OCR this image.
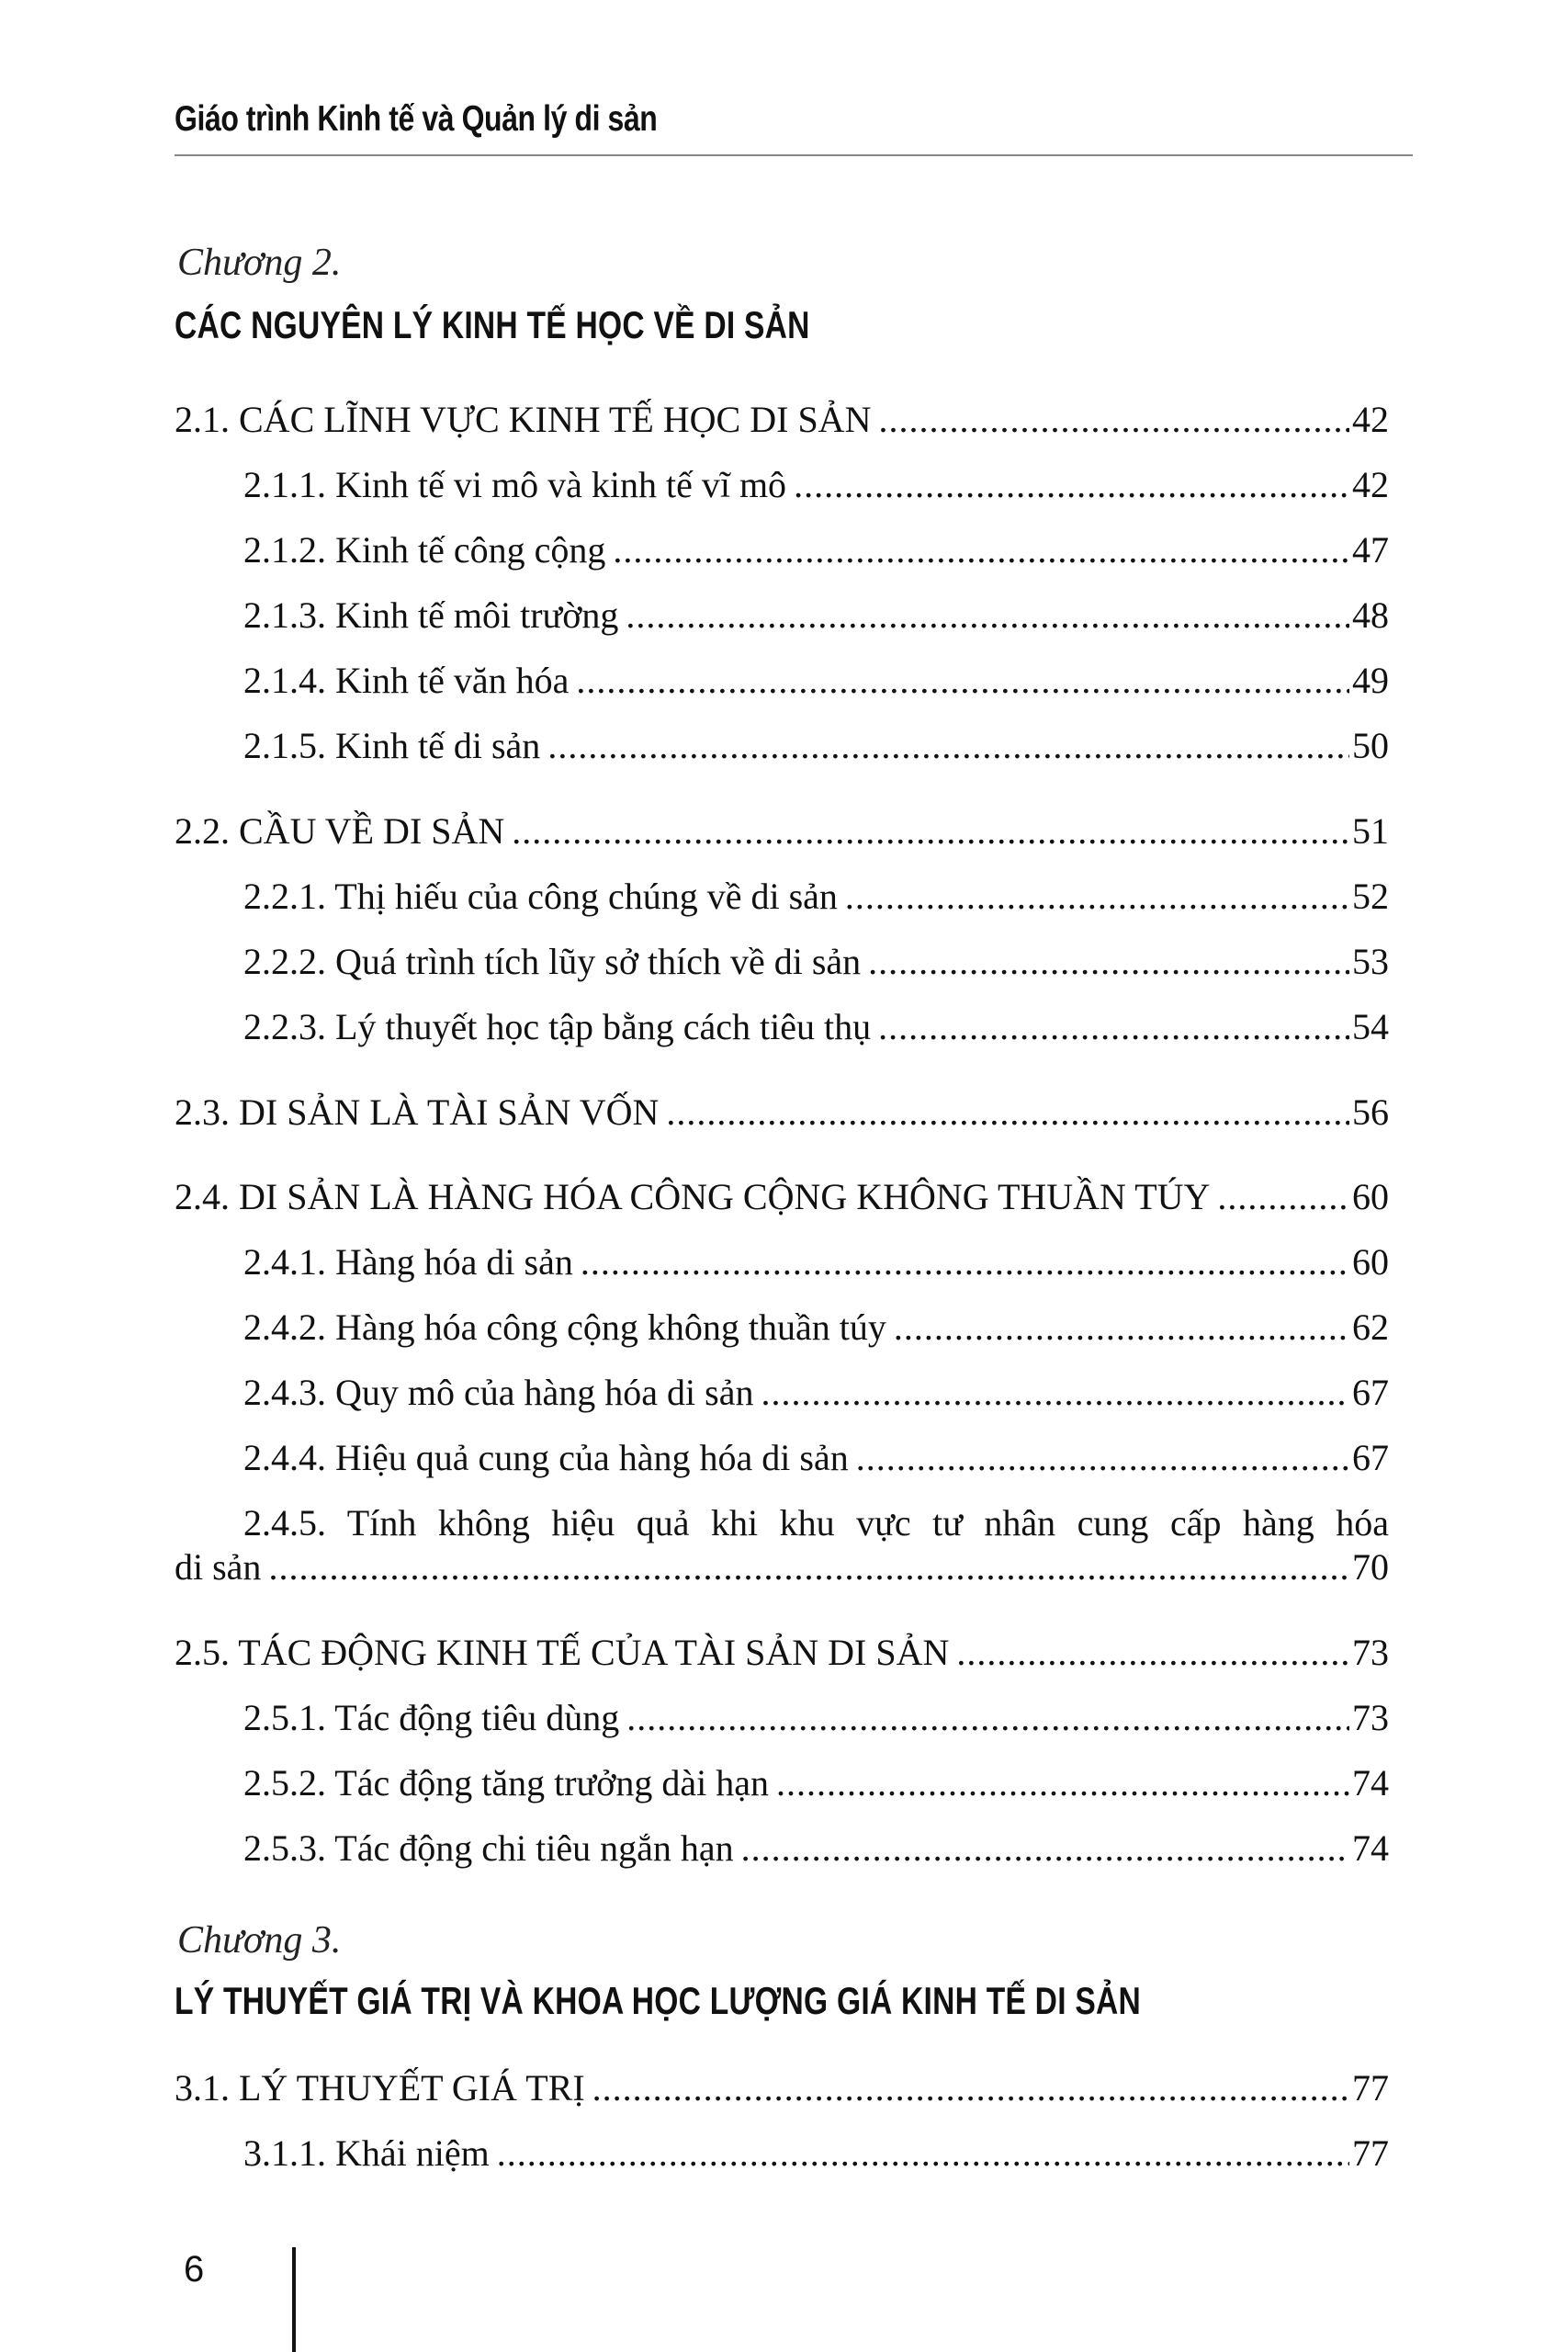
Giáo trình Kinh tế và Quản lý di sản
Chương 2.
CÁC NGUYÊN LÝ KINH TẾ HỌC VỀ DI SẢN
2.1. CÁC LĨNH VỰC KINH TẾ HỌC DI SẢN .....	42
2.1.1. Kinh tế vi mô và kinh tế vĩ mô .....	42
2.1.2. Kinh tế công cộng .....	47
2.1.3. Kinh tế môi trường .....	48
2.1.4. Kinh tế văn hóa .....	49
2.1.5. Kinh tế di sản .....	50
2.2. CẦU VỀ DI SẢN .....	51
2.2.1. Thị hiếu của công chúng về di sản .....	52
2.2.2. Quá trình tích lũy sở thích về di sản .....	53
2.2.3. Lý thuyết học tập bằng cách tiêu thụ .....	54
2.3. DI SẢN LÀ TÀI SẢN VỐN .....	56
2.4. DI SẢN LÀ HÀNG HÓA CÔNG CỘNG KHÔNG THUẦN TÚY .....	60
2.4.1. Hàng hóa di sản .....	60
2.4.2. Hàng hóa công cộng không thuần túy .....	62
2.4.3. Quy mô của hàng hóa di sản .....	67
2.4.4. Hiệu quả cung của hàng hóa di sản .....	67
2.4.5. Tính không hiệu quả khi khu vực tư nhân cung cấp hàng hóa
di sản .....	70
2.5. TÁC ĐỘNG KINH TẾ CỦA TÀI SẢN DI SẢN .....	73
2.5.1. Tác động tiêu dùng .....	73
2.5.2. Tác động tăng trưởng dài hạn .....	74
2.5.3. Tác động chi tiêu ngắn hạn .....	74
Chương 3.
LÝ THUYẾT GIÁ TRỊ VÀ KHOA HỌC LƯỢNG GIÁ KINH TẾ DI SẢN
3.1. LÝ THUYẾT GIÁ TRỊ .....	77
3.1.1. Khái niệm .....	77
6
